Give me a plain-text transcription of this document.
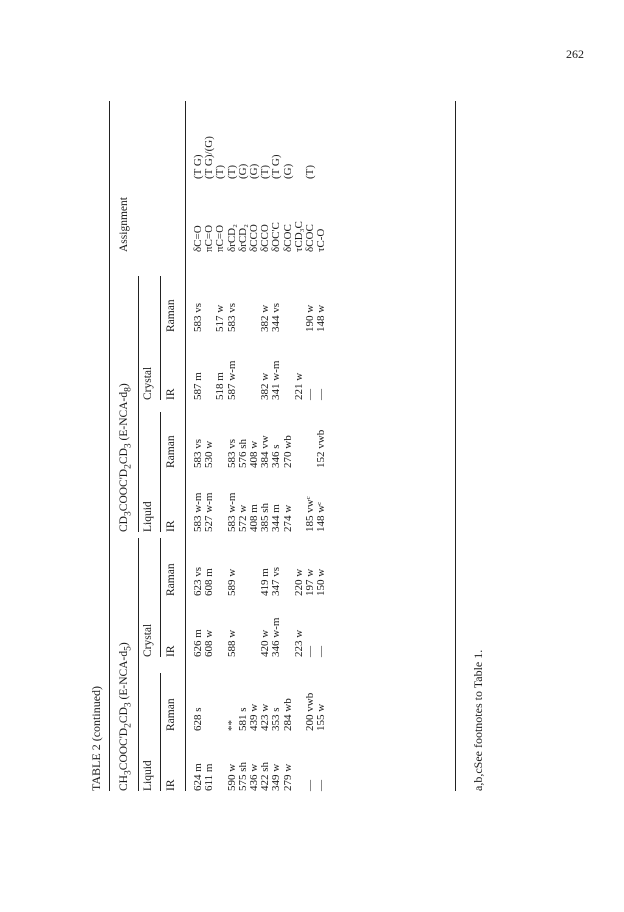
262
TABLE 2 (continued) $CH_3COOC'D_2CD_3$ $(E-NCA-d_5)$
$CD_3COOC'D_2CD_3$ $(E-NCA-d_8)$
Assignment
Liquid
Crystal
Liquid
Crystal
IR
Raman
IR
Raman
IR
Raman
IR
Raman
624 m
628 s
626 m
623 vs
583 w-m
583 vs
587 m
583 vs
δC=O
(T G)
611 m
608 w
608 m
527 w-m
530 w
πC=O
(T G)/(G)
518 m
517 w
πC=O
(T)
590 w
**
588 w
589 w
583 w-m
583 vs
587 w-m
583 vs
δrCD₂
(T)
575 sh
581 s
572 w
576 sh
δrCD₂
(G)
436 w
439 w
408 m
408 w
δCCO
(G)
422 sh
423 w
420 w
419 m
385 sh
384 vw
382 w
382 w
δCCO
(T)
349 w
353 s
346 w-m
347 vs
344 m
346 s
341 w-m
344 vs
δOC'C
(T G)
279 w
284 wb
274 w
270 wb
δCOC
(G)
223 w
220 w
221 w
τCD₃C
—
200 vwb
—
197 w
185 vwᶜ
—
190 w
δCOC
(T)
—
155 w
—
150 w
148 wᶜ
152 vwb
—
148 w
τC-O
a,b,cSee footnotes to Table 1.
